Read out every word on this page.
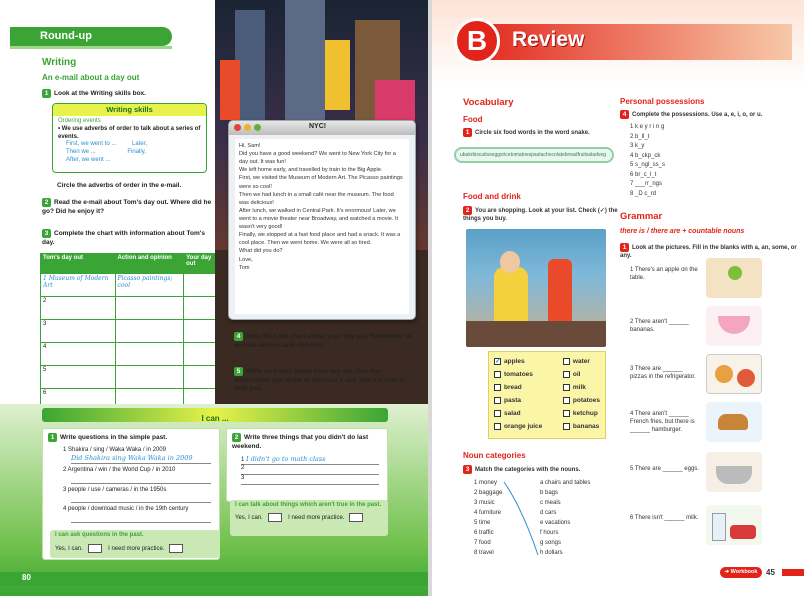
Round-up
Writing
An e-mail about a day out
1 Look at the Writing skills box.
Writing skills
Ordering events
• We use adverbs of order to talk about a series of events.
First, we went to ...	Later,
Then we ...	Finally,
After, we went ...
Circle the adverbs of order in the e-mail.
2 Read the e-mail about Tom's day out. Where did he go? Did he enjoy it?
3 Complete the chart with information about Tom's day.
Tom's day out	Action and opinion	Your day out
1 Museum of Modern Art	Picasso paintings; cool	
2		
3		
4		
5		
6		
NYC!
Hi, Sam!
Did you have a good weekend? We went to New York City for a day out. It was fun!
We left home early, and travelled by train to the Big Apple.
First, we visited the Museum of Modern Art. The Picasso paintings were so cool!
Then we had lunch in a small café near the museum. The food was delicious!
After lunch, we walked in Central Park. It's enormous! Later, we went to a movie theater near Broadway, and watched a movie. It wasn't very good!
Finally, we stopped at a fast food place and had a snack. It was a cool place. Then we went home. We were all so tired.
What did you do?
Love,
Tom
4 Now fill in the chart about your day out. Remember to include actions and opinions.
5 Write an e-mail about your day out. Use the information you wrote in exercise 4 and Tom's e-mail to help you.
I can ...
1 Write questions in the simple past.
1 Shakira / sing / Waka Waka / in 2009
Did Shakira sing Waka Waka in 2009
2 Argentina / win / the World Cup / in 2010
3 people / use / cameras / in the 1950s
4 people / download music / in the 19th century
I can ask questions in the past.
Yes, I can.	I need more practice.
2 Write three things that you didn't do last weekend.
1 I didn't go to math class
2
3
I can talk about things which aren't true in the past.
Yes, I can.	I need more practice.
80
B	Review
Vocabulary
Food
1 Circle six food words in the word snake.
ubakrbiscuitsseggsricetomatoespastachocolatebreadfruitsaladveg
Food and drink
2 You are shopping. Look at your list. Check (✓) the things you buy.
✓ apples
tomatoes
bread
pasta
salad
orange juice
water
oil
milk
potatoes
ketchup
bananas
Noun categories
3 Match the categories with the nouns.
1 money
2 baggage
3 music
4 furniture
5 time
6 traffic
7 food
8 travel
a chairs and tables
b bags
c meals
d cars
e vacations
f hours
g songs
h dollars
Personal possessions
4 Complete the possessions. Use a, e, i, o, or u.
1 k e y r i n g
2 b_ll_t
3 k_y
4 b_ckp_ck
5 s_ngl_ss_s
6 br_c_l_t
7 ___rr_ngs
8 _D c_rd
Grammar
there is / there are + countable nouns
1 Look at the pictures. Fill in the blanks with a, an, some, or any.
1 There's an apple on the table.
2 There aren't ______ bananas.
3 There are ______ pizzas in the refrigerator.
4 There aren't ______ French fries, but there is ______ hamburger.
5 There are ______ eggs.
6 There isn't ______ milk.
➜ Workbook	45
